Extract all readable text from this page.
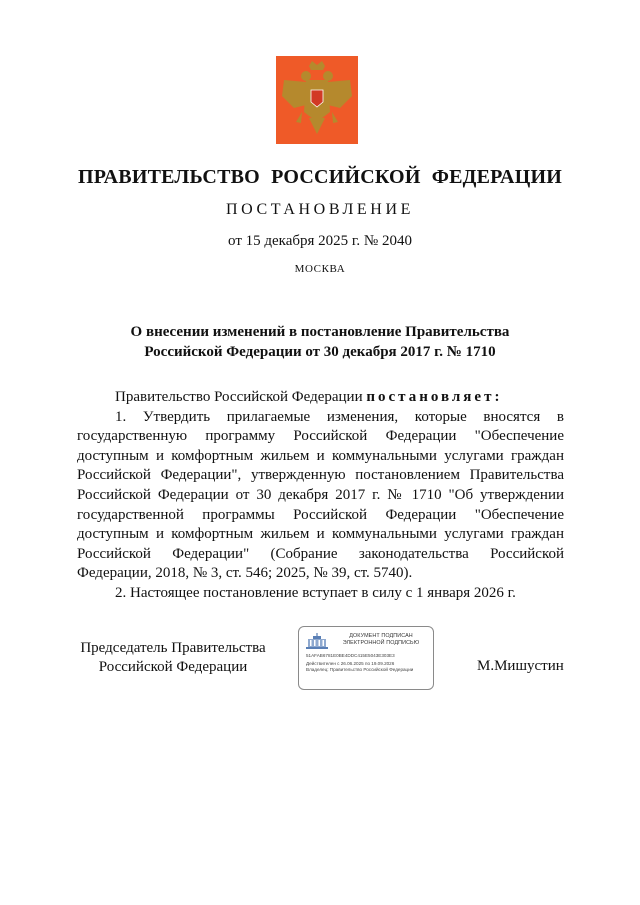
ПРАВИТЕЛЬСТВО РОССИЙСКОЙ ФЕДЕРАЦИИ
ПОСТАНОВЛЕНИЕ
от 15 декабря 2025 г. № 2040
МОСКВА
О внесении изменений в постановление Правительства
Российской Федерации от 30 декабря 2017 г. № 1710

Правительство Российской Федерации постановляет:

1. Утвердить прилагаемые изменения, которые вносятся в государственную программу Российской Федерации "Обеспечение доступным и комфортным жильем и коммунальными услугами граждан Российской Федерации", утвержденную постановлением Правительства Российской Федерации от 30 декабря 2017 г. № 1710 "Об утверждении государственной программы Российской Федерации "Обеспечение доступным и комфортным жильем и коммунальными услугами граждан Российской Федерации" (Собрание законодательства Российской Федерации, 2018, № 3, ст. 546; 2025, № 39, ст. 5740).

2. Настоящее постановление вступает в силу с 1 января 2026 г.

Председатель Правительства
Российской Федерации
ДОКУМЕНТ ПОДПИСАН
ЭЛЕКТРОННОЙ ПОДПИСЬЮ
51AFAB6781E0BE4DDC415E5043E303E3
Действителен с 26.06.2025 по 19.09.2026
Владелец: Правительство Российской Федерации	М.Мишустин
